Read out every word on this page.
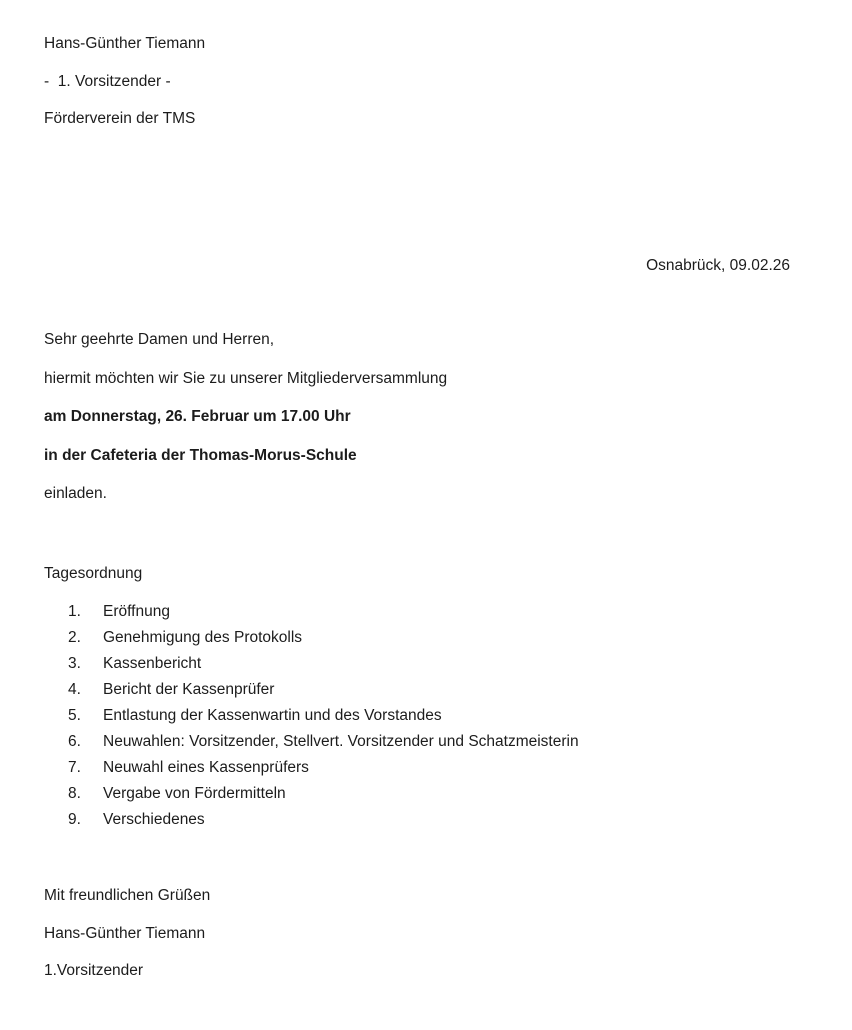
Hans-Günther Tiemann
-  1. Vorsitzender -
Förderverein der TMS
Osnabrück, 09.02.26
Sehr geehrte Damen und Herren,
hiermit möchten wir Sie zu unserer Mitgliederversammlung
am Donnerstag, 26. Februar um 17.00 Uhr
in der Cafeteria der Thomas-Morus-Schule
einladen.
Tagesordnung
1.	Eröffnung
2.	Genehmigung des Protokolls
3.	Kassenbericht
4.	Bericht der Kassenprüfer
5.	Entlastung der Kassenwartin und des Vorstandes
6.	Neuwahlen: Vorsitzender, Stellvert. Vorsitzender und Schatzmeisterin
7.	Neuwahl eines Kassenprüfers
8.	Vergabe von Fördermitteln
9.	Verschiedenes
Mit freundlichen Grüßen
Hans-Günther Tiemann
1.Vorsitzender
